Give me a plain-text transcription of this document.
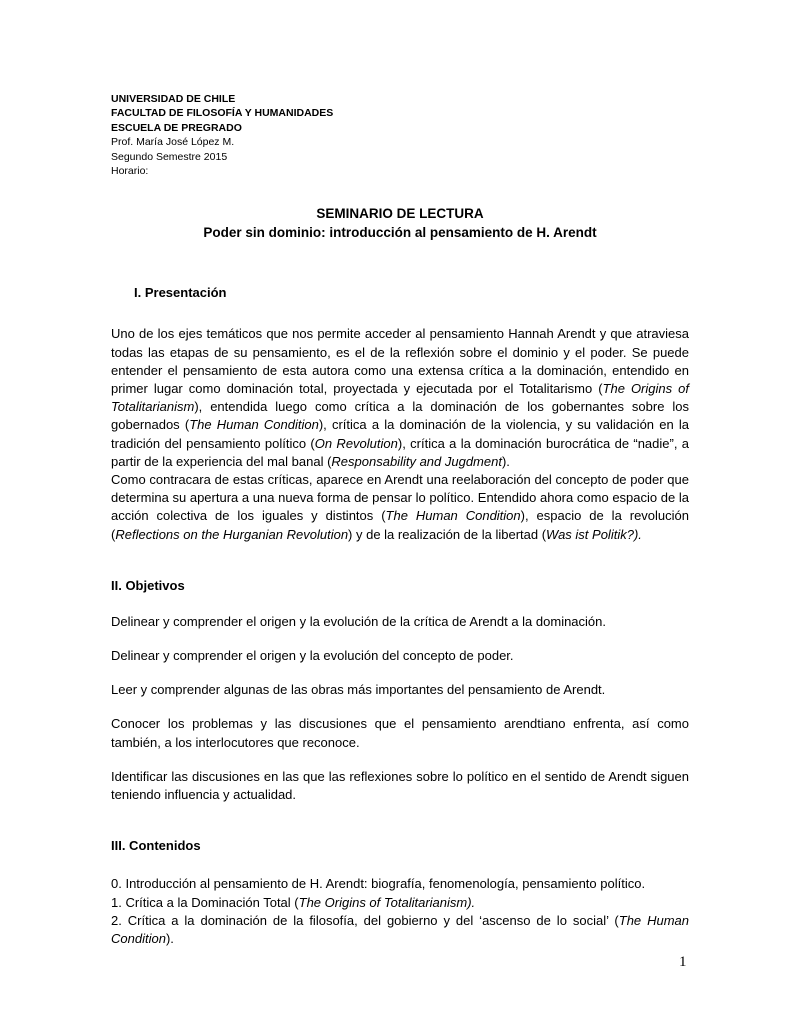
UNIVERSIDAD DE CHILE
FACULTAD DE FILOSOFÍA Y HUMANIDADES
ESCUELA DE PREGRADO
Prof. María José López M.
Segundo Semestre 2015
Horario:
SEMINARIO DE LECTURA
Poder sin dominio: introducción al pensamiento de H. Arendt
I. Presentación

Uno de los ejes temáticos que nos permite acceder al pensamiento Hannah Arendt y que atraviesa todas las etapas de su pensamiento, es el de la reflexión sobre el dominio y el poder. Se puede entender el pensamiento de esta autora como una extensa crítica a la dominación, entendido en primer lugar como dominación total, proyectada y ejecutada por el Totalitarismo (The Origins of Totalitarianism), entendida luego como crítica a la dominación de los gobernantes sobre los gobernados (The Human Condition), crítica a la dominación de la violencia, y su validación en la tradición del pensamiento político (On Revolution), crítica a la dominación burocrática de “nadie”, a partir de la experiencia del mal banal (Responsability and Jugdment).

Como contracara de estas críticas, aparece en Arendt una reelaboración del concepto de poder que determina su apertura a una nueva forma de pensar lo político. Entendido ahora como espacio de la acción colectiva de los iguales y distintos (The Human Condition), espacio de la revolución (Reflections on the Hurganian Revolution) y de la realización de la libertad (Was ist Politik?).

II. Objetivos

Delinear y comprender el origen y la evolución de la crítica de Arendt a la dominación.

Delinear y comprender el origen y la evolución del concepto de poder.

Leer y comprender algunas de las obras más importantes del pensamiento de Arendt.

Conocer los problemas y las discusiones que el pensamiento arendtiano enfrenta, así como también, a los interlocutores que reconoce.

Identificar las discusiones en las que las reflexiones sobre lo político en el sentido de Arendt siguen teniendo influencia y actualidad.

III. Contenidos

0. Introducción al pensamiento de H. Arendt: biografía, fenomenología, pensamiento político.

1. Crítica a la Dominación Total (The Origins of Totalitarianism).

2. Crítica a la dominación de la filosofía, del gobierno y del ‘ascenso de lo social’ (The Human Condition).

1
